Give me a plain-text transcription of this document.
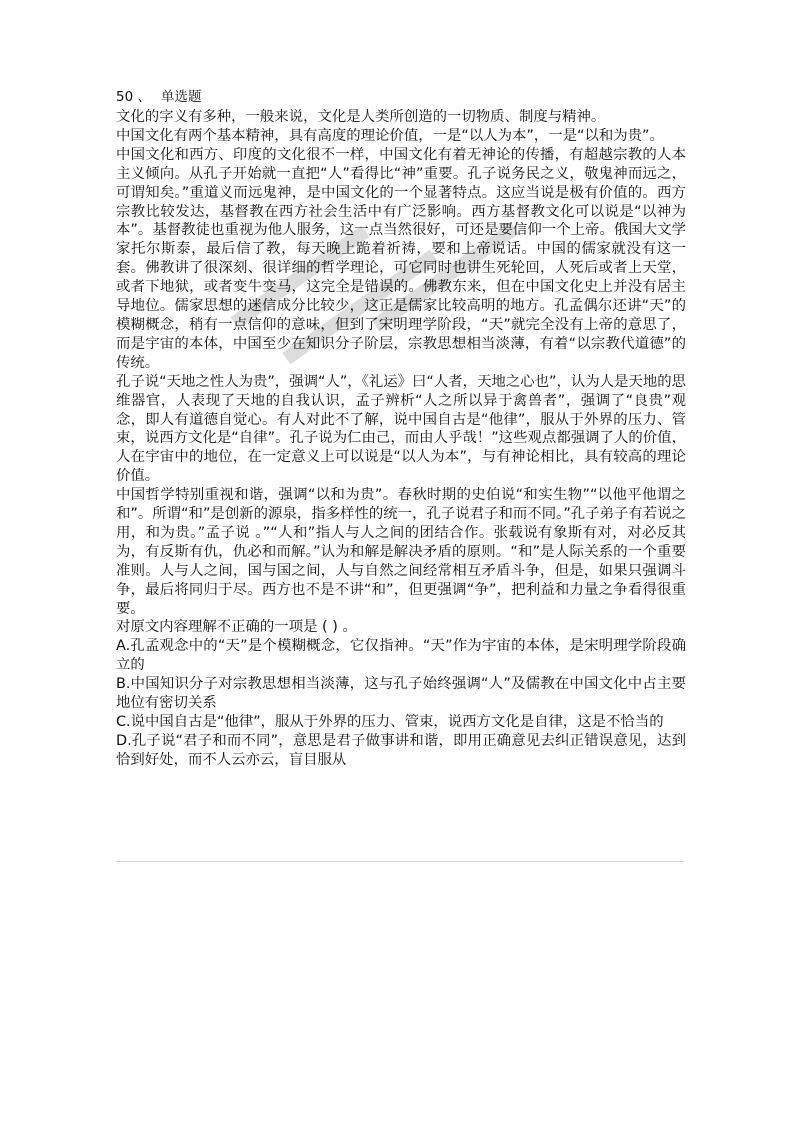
50 、 单选题

文化的字义有多种，一般来说，文化是人类所创造的一切物质、制度与精神。

中国文化有两个基本精神，具有高度的理论价值，一是“以人为本”，一是“以和为贵”。

中国文化和西方、印度的文化很不一样，中国文化有着无神论的传播，有超越宗教的人本主义倾向。从孔子开始就一直把“人”看得比“神”重要。孔子说务民之义，敬鬼神而远之，可谓知矣。”重道义而远鬼神，是中国文化的一个显著特点。这应当说是极有价值的。西方宗教比较发达，基督教在西方社会生活中有广泛影响。西方基督教文化可以说是“以神为本”。基督教徒也重视为他人服务，这一点当然很好，可还是要信仰一个上帝。俄国大文学家托尔斯泰，最后信了教，每天晚上跪着祈祷，要和上帝说话。中国的儒家就没有这一套。佛教讲了很深刻、很详细的哲学理论，可它同时也讲生死轮回，人死后或者上天堂，或者下地狱，或者变牛变马，这完全是错误的。佛教东来，但在中国文化史上并没有居主导地位。儒家思想的迷信成分比较少，这正是儒家比较高明的地方。孔孟偶尔还讲“天”的模糊概念，稍有一点信仰的意味，但到了宋明理学阶段，“天”就完全没有上帝的意思了，而是宇宙的本体，中国至少在知识分子阶层，宗教思想相当淡薄，有着“以宗教代道德”的传统。

孔子说“天地之性人为贵”，强调“人”，《礼运》曰“人者，天地之心也”，认为人是天地的思维器官，人表现了天地的自我认识，孟子辨析“人之所以异于禽兽者”，强调了“良贵”观念，即人有道德自觉心。有人对此不了解，说中国自古是“他律”，服从于外界的压力、管束，说西方文化是“自律”。孔子说为仁由己，而由人乎哉！”这些观点都强调了人的价值，人在宇宙中的地位，在一定意义上可以说是“以人为本”，与有神论相比，具有较高的理论价值。

中国哲学特别重视和谐，强调“以和为贵”。春秋时期的史伯说“和实生物”“以他平他谓之和”。所谓“和”是创新的源泉，指多样性的统一，孔子说君子和而不同。”孔子弟子有若说之用，和为贵。”孟子说 。”“人和”指人与人之间的团结合作。张载说有象斯有对，对必反其为，有反斯有仇，仇必和而解。”认为和解是解决矛盾的原则。“和”是人际关系的一个重要准则。人与人之间，国与国之间，人与自然之间经常相互矛盾斗争，但是，如果只强调斗争，最后将同归于尽。西方也不是不讲“和”，但更强调“争”，把利益和力量之争看得很重要。

对原文内容理解不正确的一项是 ( ) 。

A.孔孟观念中的“天”是个模糊概念，它仅指神。“天”作为宇宙的本体，是宋明理学阶段确立的

B.中国知识分子对宗教思想相当淡薄，这与孔子始终强调“人”及儒教在中国文化中占主要地位有密切关系

C.说中国自古是“他律”，服从于外界的压力、管束，说西方文化是自律，这是不恰当的

D.孔子说“君子和而不同”，意思是君子做事讲和谐，即用正确意见去纠正错误意见，达到恰到好处，而不人云亦云，盲目服从
